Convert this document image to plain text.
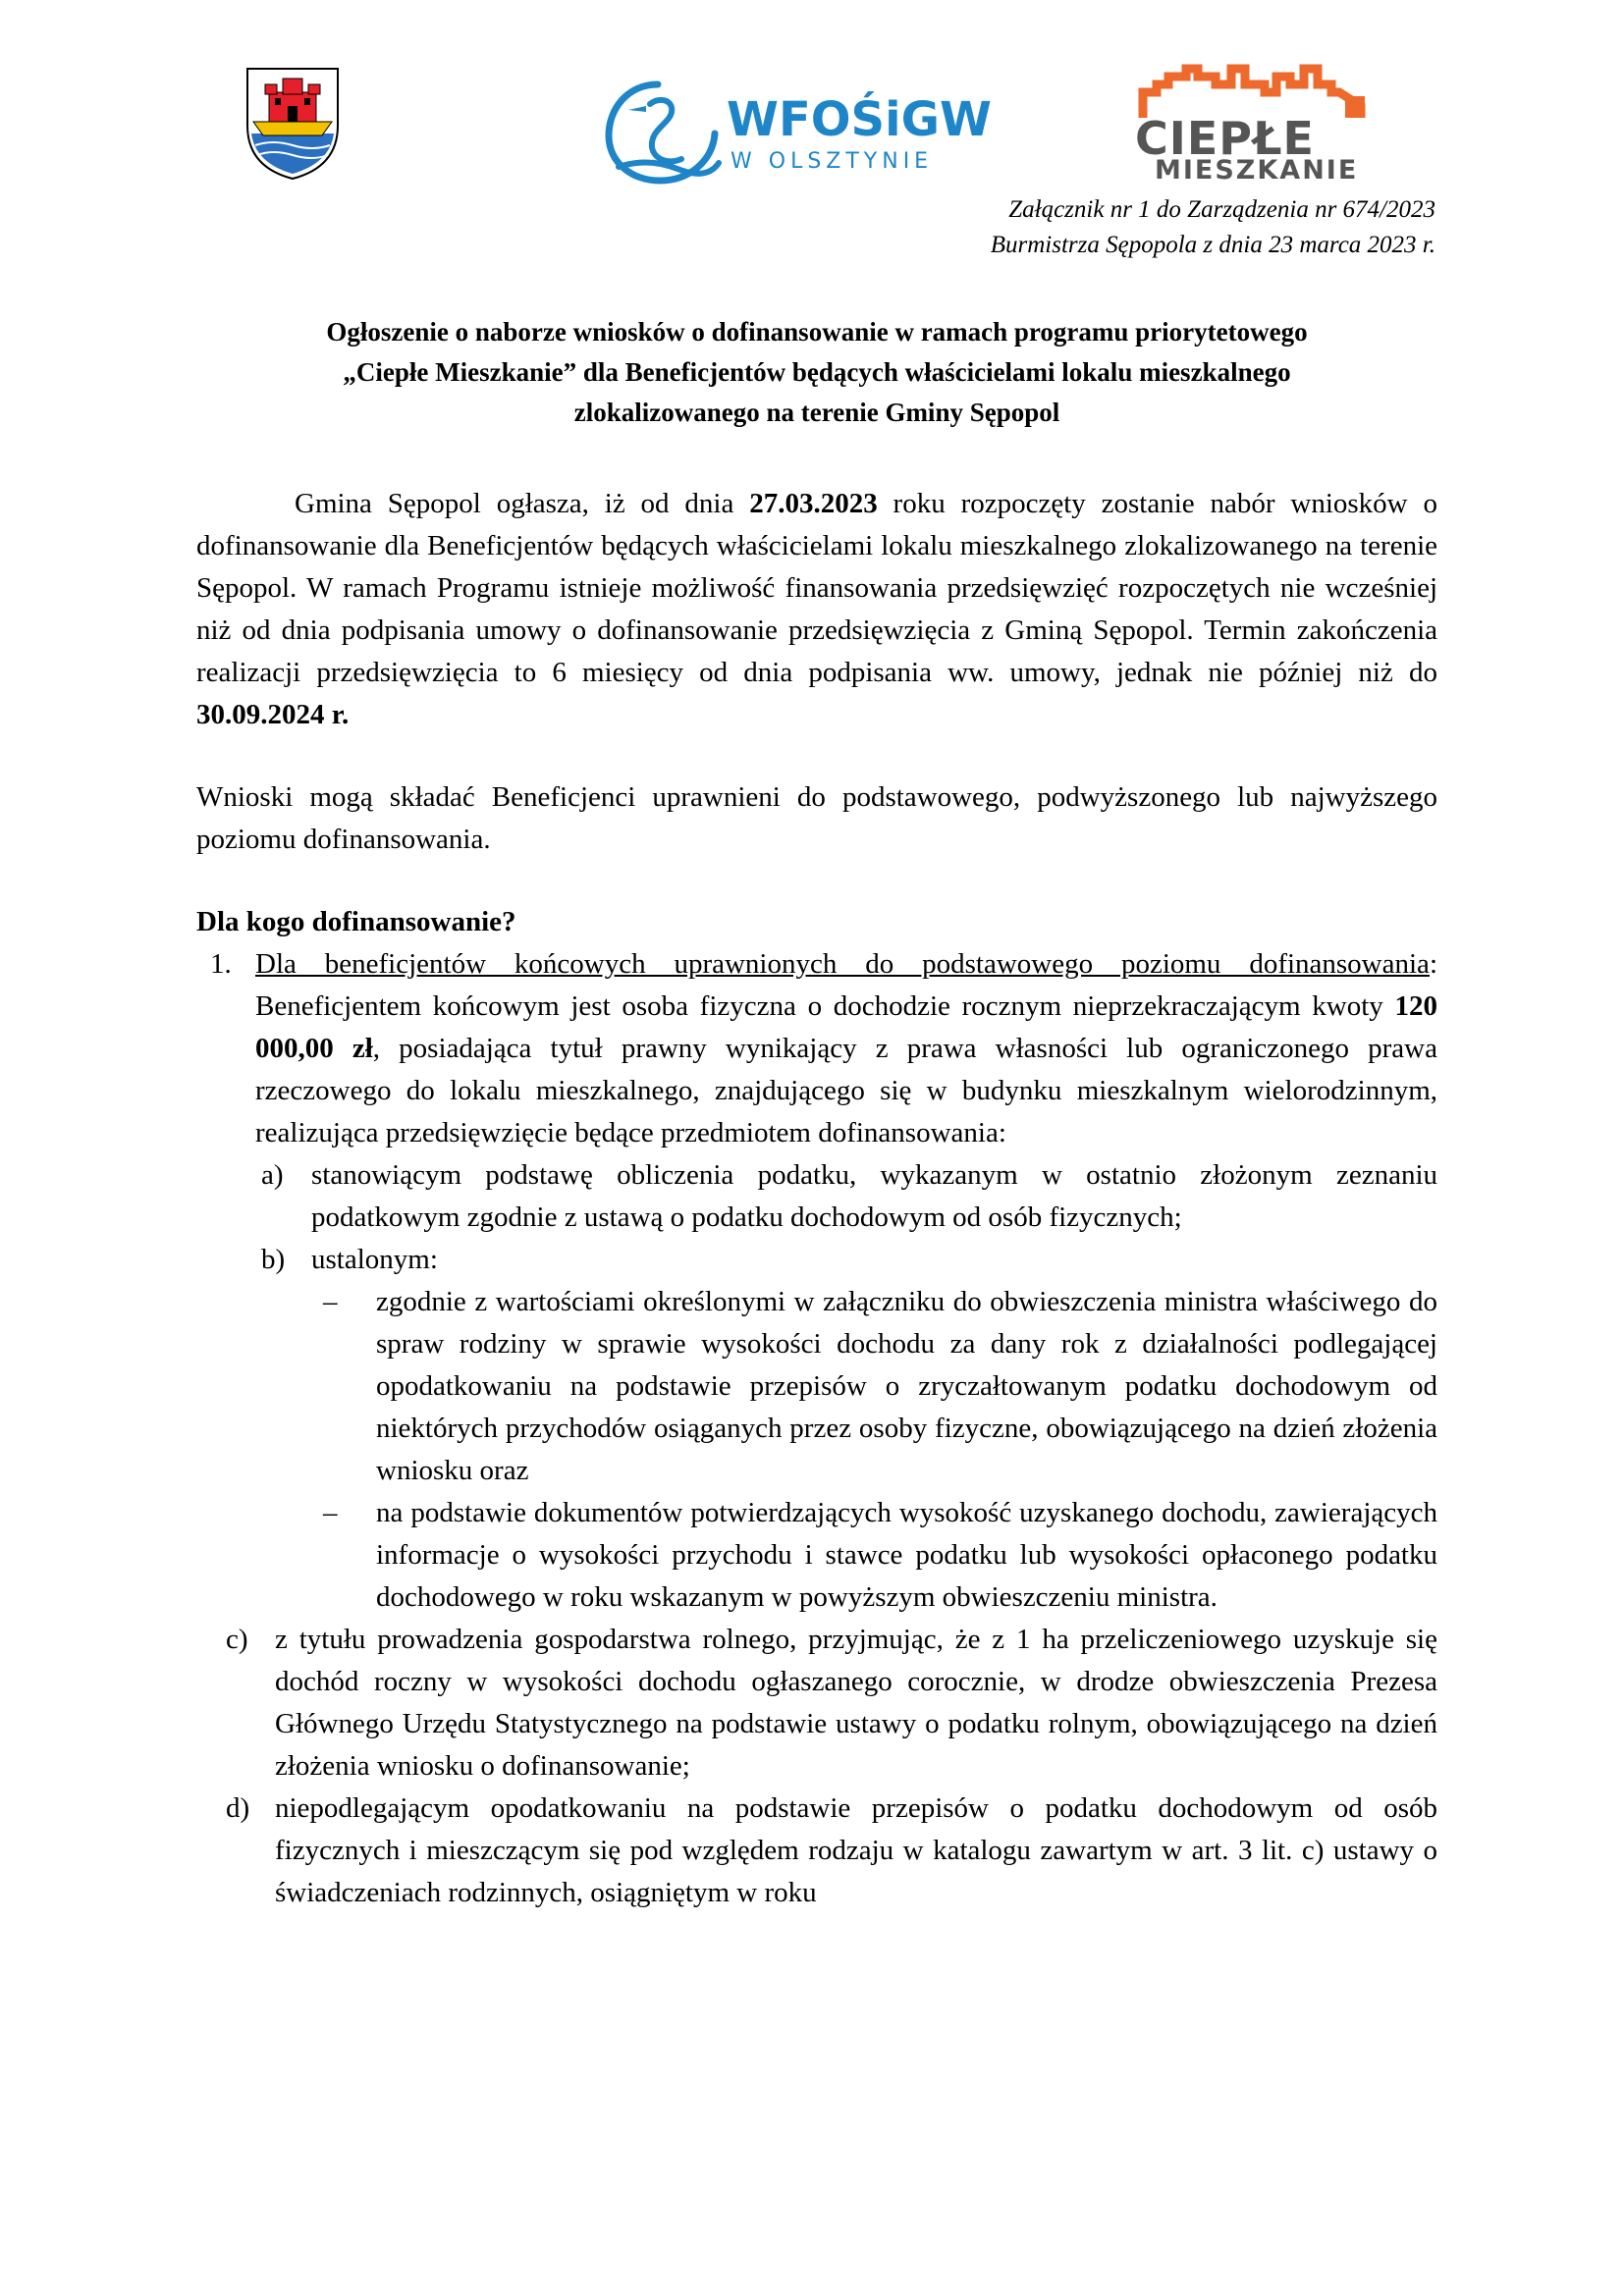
WFOŚiGW
W OLSZTYNIE	CIEPŁE
MIESZKANIE
Załącznik nr 1 do Zarządzenia nr 674/2023
Burmistrza Sępopola z dnia 23 marca 2023 r.
Ogłoszenie o naborze wniosków o dofinansowanie w ramach programu priorytetowego
„Ciepłe Mieszkanie” dla Beneficjentów będących właścicielami lokalu mieszkalnego
zlokalizowanego na terenie Gminy Sępopol

Gmina Sępopol ogłasza, iż od dnia 27.03.2023 roku rozpoczęty zostanie nabór wniosków o dofinansowanie dla Beneficjentów będących właścicielami lokalu mieszkalnego zlokalizowanego na terenie Sępopol. W ramach Programu istnieje możliwość finansowania przedsięwzięć rozpoczętych nie wcześniej niż od dnia podpisania umowy o dofinansowanie przedsięwzięcia z Gminą Sępopol. Termin zakończenia realizacji przedsięwzięcia to 6 miesięcy od dnia podpisania ww. umowy, jednak nie później niż do 30.09.2024 r.

Wnioski mogą składać Beneficjenci uprawnieni do podstawowego, podwyższonego lub najwyższego poziomu dofinansowania.

Dla kogo dofinansowanie?
1. Dla beneficjentów końcowych uprawnionych do podstawowego poziomu dofinansowania: Beneficjentem końcowym jest osoba fizyczna o dochodzie rocznym nieprzekraczającym kwoty 120 000,00 zł, posiadająca tytuł prawny wynikający z prawa własności lub ograniczonego prawa rzeczowego do lokalu mieszkalnego, znajdującego się w budynku mieszkalnym wielorodzinnym, realizująca przedsięwzięcie będące przedmiotem dofinansowania:
a) stanowiącym podstawę obliczenia podatku, wykazanym w ostatnio złożonym zeznaniu podatkowym zgodnie z ustawą o podatku dochodowym od osób fizycznych;
b) ustalonym:
– zgodnie z wartościami określonymi w załączniku do obwieszczenia ministra właściwego do spraw rodziny w sprawie wysokości dochodu za dany rok z działalności podlegającej opodatkowaniu na podstawie przepisów o zryczałtowanym podatku dochodowym od niektórych przychodów osiąganych przez osoby fizyczne, obowiązującego na dzień złożenia wniosku oraz
– na podstawie dokumentów potwierdzających wysokość uzyskanego dochodu, zawierających informacje o wysokości przychodu i stawce podatku lub wysokości opłaconego podatku dochodowego w roku wskazanym w powyższym obwieszczeniu ministra.
c) z tytułu prowadzenia gospodarstwa rolnego, przyjmując, że z 1 ha przeliczeniowego uzyskuje się dochód roczny w wysokości dochodu ogłaszanego corocznie, w drodze obwieszczenia Prezesa Głównego Urzędu Statystycznego na podstawie ustawy o podatku rolnym, obowiązującego na dzień złożenia wniosku o dofinansowanie;
d) niepodlegającym opodatkowaniu na podstawie przepisów o podatku dochodowym od osób fizycznych i mieszczącym się pod względem rodzaju w katalogu zawartym w art. 3 lit. c) ustawy o świadczeniach rodzinnych, osiągniętym w roku
